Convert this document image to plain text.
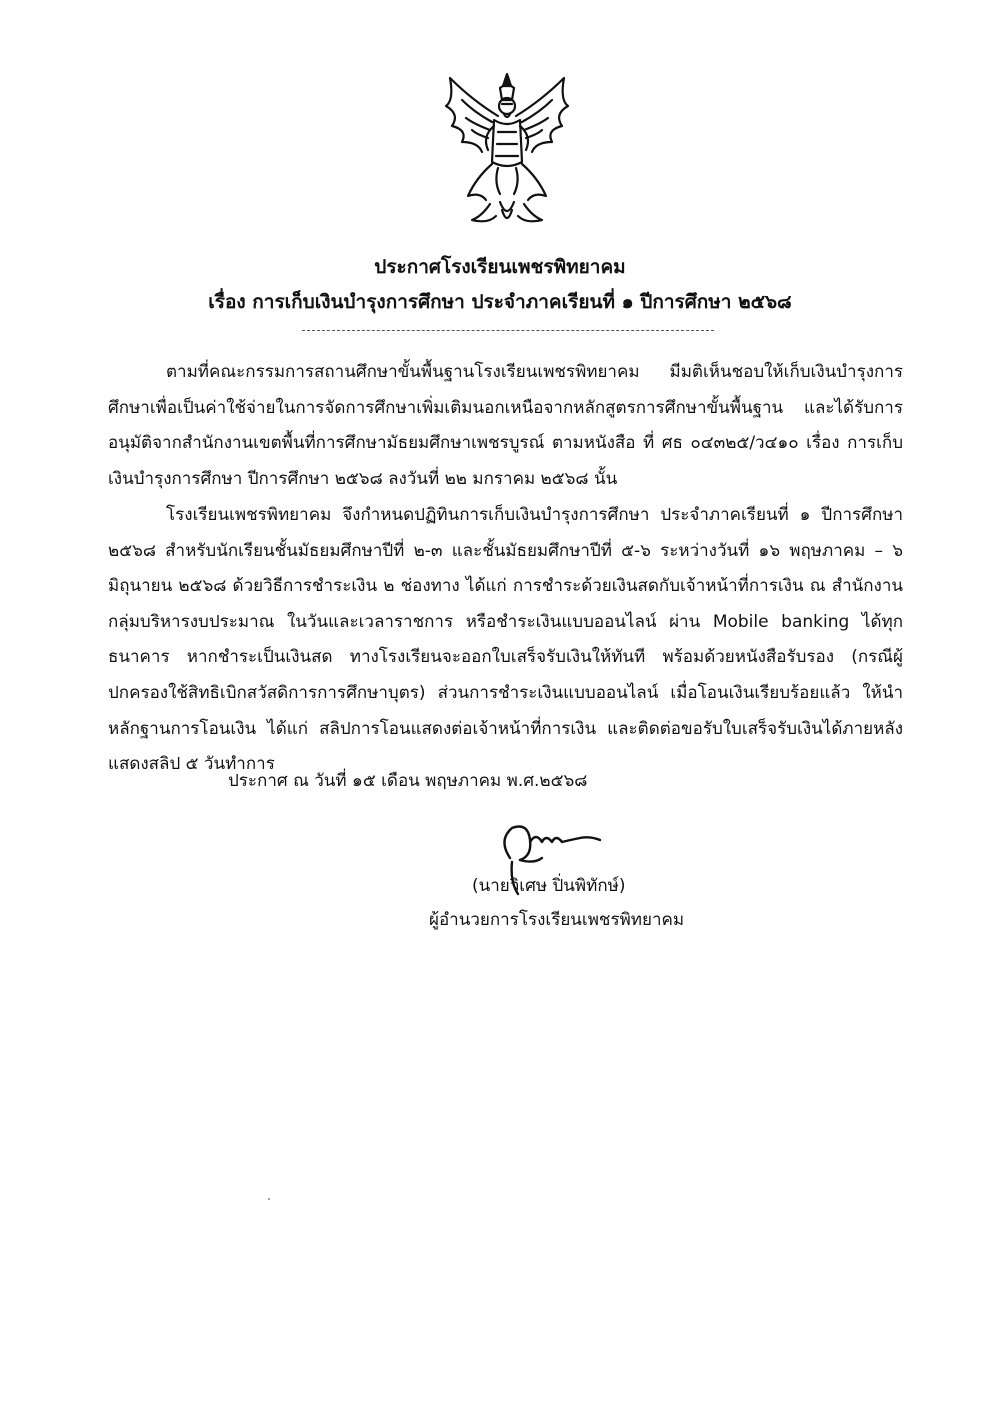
ประกาศโรงเรียนเพชรพิทยาคม
เรื่อง การเก็บเงินบำรุงการศึกษา ประจำภาคเรียนที่ ๑ ปีการศึกษา ๒๕๖๘

ตามที่คณะกรรมการสถานศึกษาขั้นพื้นฐานโรงเรียนเพชรพิทยาคม มีมติเห็นชอบให้เก็บเงินบำรุงการศึกษาเพื่อเป็นค่าใช้จ่ายในการจัดการศึกษาเพิ่มเติมนอกเหนือจากหลักสูตรการศึกษาขั้นพื้นฐาน และได้รับการอนุมัติจากสำนักงานเขตพื้นที่การศึกษามัธยมศึกษาเพชรบูรณ์ ตามหนังสือ ที่ ศธ ๐๔๓๒๕/ว๔๑๐ เรื่อง การเก็บเงินบำรุงการศึกษา ปีการศึกษา ๒๕๖๘ ลงวันที่ ๒๒ มกราคม ๒๕๖๘ นั้น

โรงเรียนเพชรพิทยาคม จึงกำหนดปฏิทินการเก็บเงินบำรุงการศึกษา ประจำภาคเรียนที่ ๑ ปีการศึกษา ๒๕๖๘ สำหรับนักเรียนชั้นมัธยมศึกษาปีที่ ๒-๓ และชั้นมัธยมศึกษาปีที่ ๕-๖ ระหว่างวันที่ ๑๖ พฤษภาคม – ๖ มิถุนายน ๒๕๖๘ ด้วยวิธีการชำระเงิน ๒ ช่องทาง ได้แก่ การชำระด้วยเงินสดกับเจ้าหน้าที่การเงิน ณ สำนักงานกลุ่มบริหารงบประมาณ ในวันและเวลาราชการ หรือชำระเงินแบบออนไลน์ ผ่าน Mobile banking ได้ทุกธนาคาร หากชำระเป็นเงินสด ทางโรงเรียนจะออกใบเสร็จรับเงินให้ทันที พร้อมด้วยหนังสือรับรอง (กรณีผู้ปกครองใช้สิทธิเบิกสวัสดิการการศึกษาบุตร) ส่วนการชำระเงินแบบออนไลน์ เมื่อโอนเงินเรียบร้อยแล้ว ให้นำหลักฐานการโอนเงิน ได้แก่ สลิปการโอนแสดงต่อเจ้าหน้าที่การเงิน และติดต่อขอรับใบเสร็จรับเงินได้ภายหลังแสดงสลิป ๕ วันทำการ

ประกาศ ณ วันที่ ๑๕ เดือน พฤษภาคม พ.ศ.๒๕๖๘
(นายวิเศษ ปิ่นพิทักษ์)
ผู้อำนวยการโรงเรียนเพชรพิทยาคม
